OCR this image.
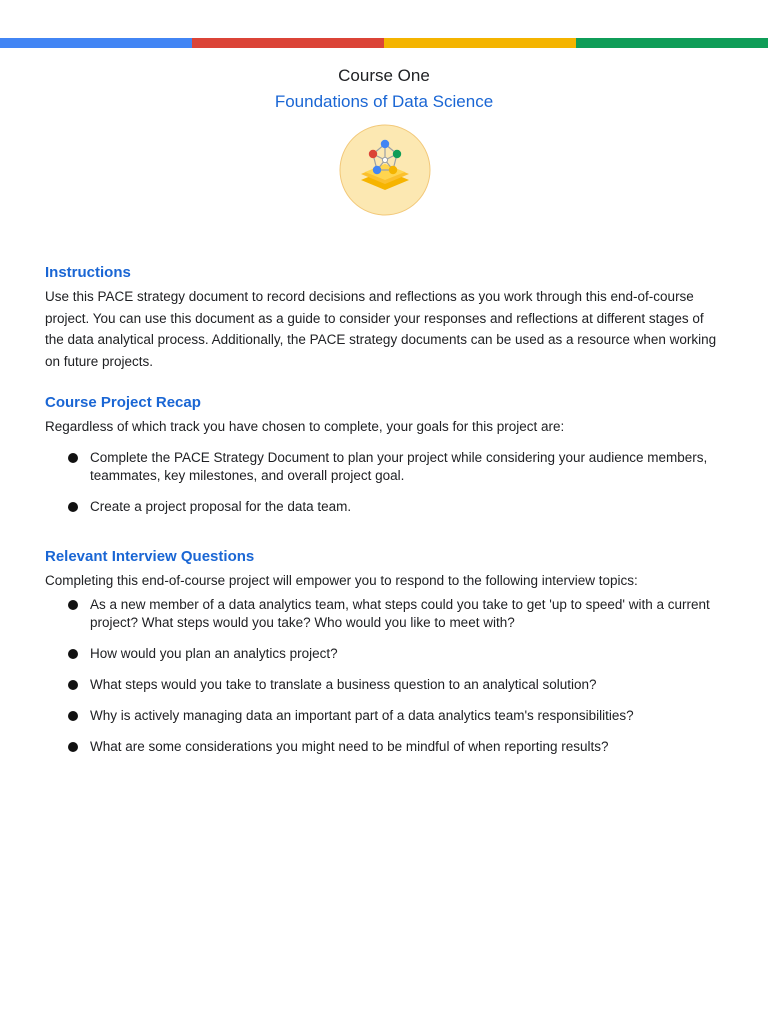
Course One

Foundations of Data Science

Instructions

Use this PACE strategy document to record decisions and reflections as you work through this end-of-course project. You can use this document as a guide to consider your responses and reflections at different stages of the data analytical process. Additionally, the PACE strategy documents can be used as a resource when working on future projects.

Course Project Recap

Regardless of which track you have chosen to complete, your goals for this project are:

Complete the PACE Strategy Document to plan your project while considering your audience members, teammates, key milestones, and overall project goal.
Create a project proposal for the data team.
Relevant Interview Questions

Completing this end-of-course project will empower you to respond to the following interview topics:

As a new member of a data analytics team, what steps could you take to get 'up to speed' with a current project? What steps would you take? Who would you like to meet with?
How would you plan an analytics project?
What steps would you take to translate a business question to an analytical solution?
Why is actively managing data an important part of a data analytics team's responsibilities?
What are some considerations you might need to be mindful of when reporting results?
